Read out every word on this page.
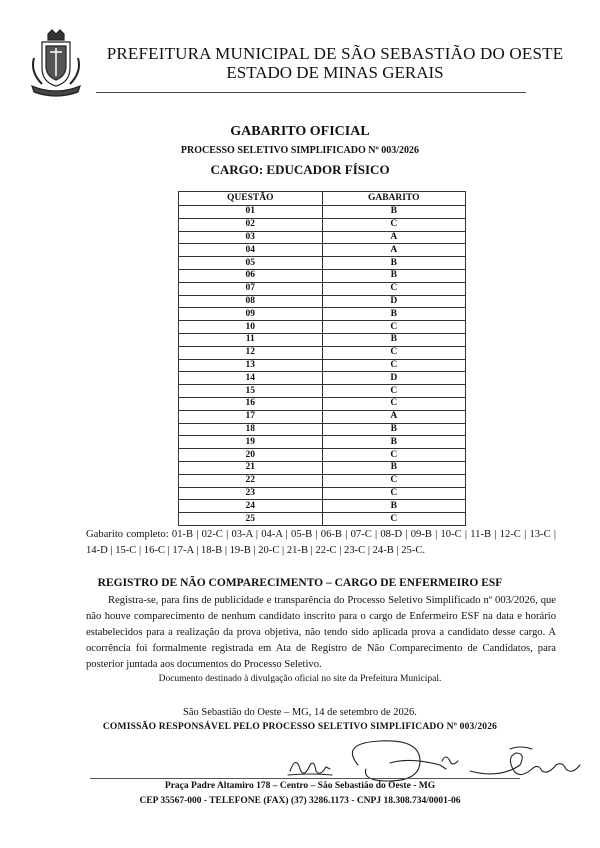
PREFEITURA MUNICIPAL DE SÃO SEBASTIÃO DO OESTE
ESTADO DE MINAS GERAIS
GABARITO OFICIAL
PROCESSO SELETIVO SIMPLIFICADO Nº 003/2026
CARGO: EDUCADOR FÍSICO
QUESTÃO	GABARITO
01	B
02	C
03	A
04	A
05	B
06	B
07	C
08	D
09	B
10	C
11	B
12	C
13	C
14	D
15	C
16	C
17	A
18	B
19	B
20	C
21	B
22	C
23	C
24	B
25	C
Gabarito completo: 01-B | 02-C | 03-A | 04-A | 05-B | 06-B | 07-C | 08-D | 09-B | 10-C | 11-B | 12-C | 13-C | 14-D | 15-C | 16-C | 17-A | 18-B | 19-B | 20-C | 21-B | 22-C | 23-C | 24-B | 25-C.
REGISTRO DE NÃO COMPARECIMENTO – CARGO DE ENFERMEIRO ESF
Registra-se, para fins de publicidade e transparência do Processo Seletivo Simplificado nº 003/2026, que não houve comparecimento de nenhum candidato inscrito para o cargo de Enfermeiro ESF na data e horário estabelecidos para a realização da prova objetiva, não tendo sido aplicada prova a candidato desse cargo. A ocorrência foi formalmente registrada em Ata de Registro de Não Comparecimento de Candidatos, para posterior juntada aos documentos do Processo Seletivo.
Documento destinado à divulgação oficial no site da Prefeitura Municipal.
São Sebastião do Oeste – MG, 14 de setembro de 2026.
COMISSÃO RESPONSÁVEL PELO PROCESSO SELETIVO SIMPLIFICADO Nº 003/2026
Praça Padre Altamiro 178 – Centro – São Sebastião do Oeste - MG
CEP 35567-000 - TELEFONE (FAX) (37) 3286.1173 - CNPJ 18.308.734/0001-06
